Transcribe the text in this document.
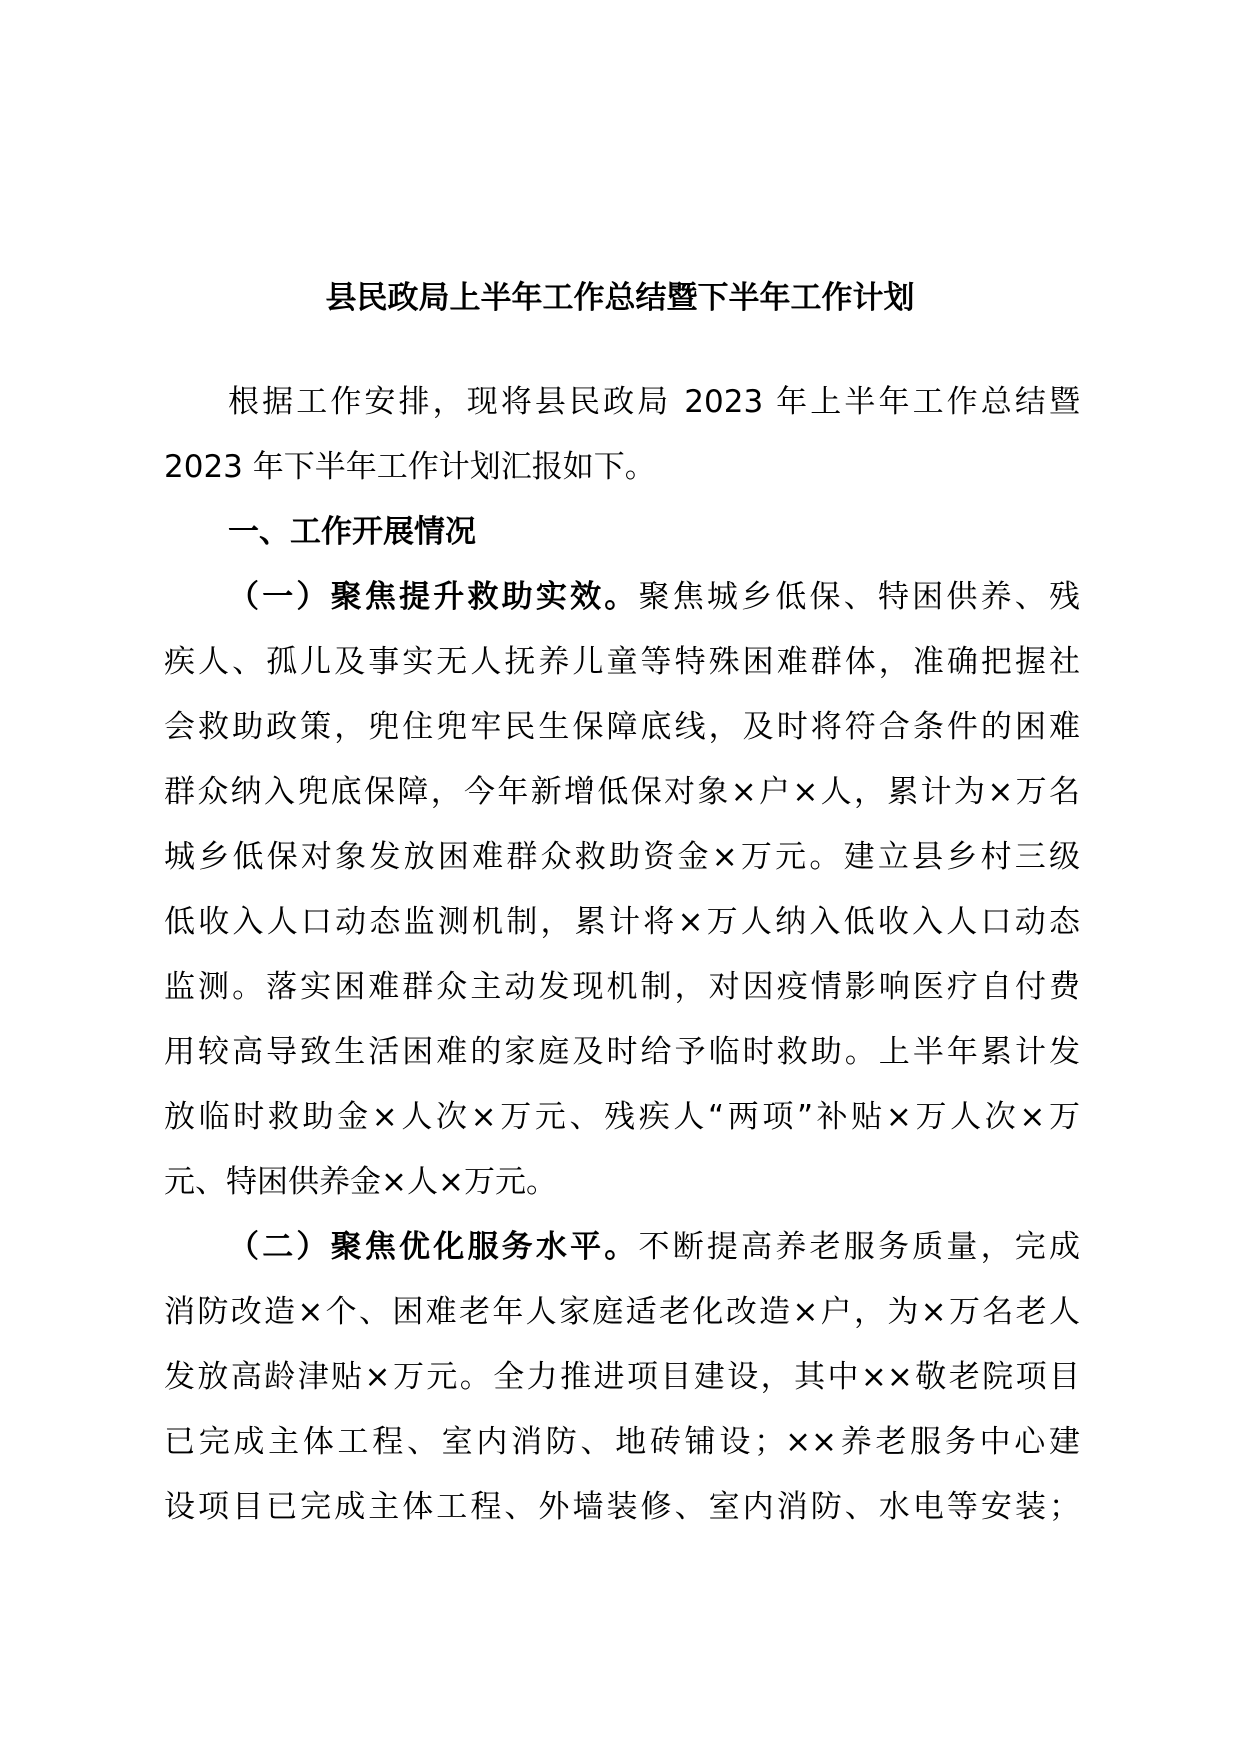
县民政局上半年工作总结暨下半年工作计划
根据工作安排，现将县民政局 2023 年上半年工作总结暨
2023 年下半年工作计划汇报如下。
一、工作开展情况
（一）聚焦提升救助实效。聚焦城乡低保、特困供养、残
疾人、孤儿及事实无人抚养儿童等特殊困难群体，准确把握社
会救助政策，兜住兜牢民生保障底线，及时将符合条件的困难
群众纳入兜底保障，今年新增低保对象×户×人，累计为×万名
城乡低保对象发放困难群众救助资金×万元。建立县乡村三级
低收入人口动态监测机制，累计将×万人纳入低收入人口动态
监测。落实困难群众主动发现机制，对因疫情影响医疗自付费
用较高导致生活困难的家庭及时给予临时救助。上半年累计发
放临时救助金×人次×万元、残疾人“两项”补贴×万人次×万
元、特困供养金×人×万元。
（二）聚焦优化服务水平。不断提高养老服务质量，完成
消防改造×个、困难老年人家庭适老化改造×户，为×万名老人
发放高龄津贴×万元。全力推进项目建设，其中××敬老院项目
已完成主体工程、室内消防、地砖铺设；××养老服务中心建
设项目已完成主体工程、外墙装修、室内消防、水电等安装；
